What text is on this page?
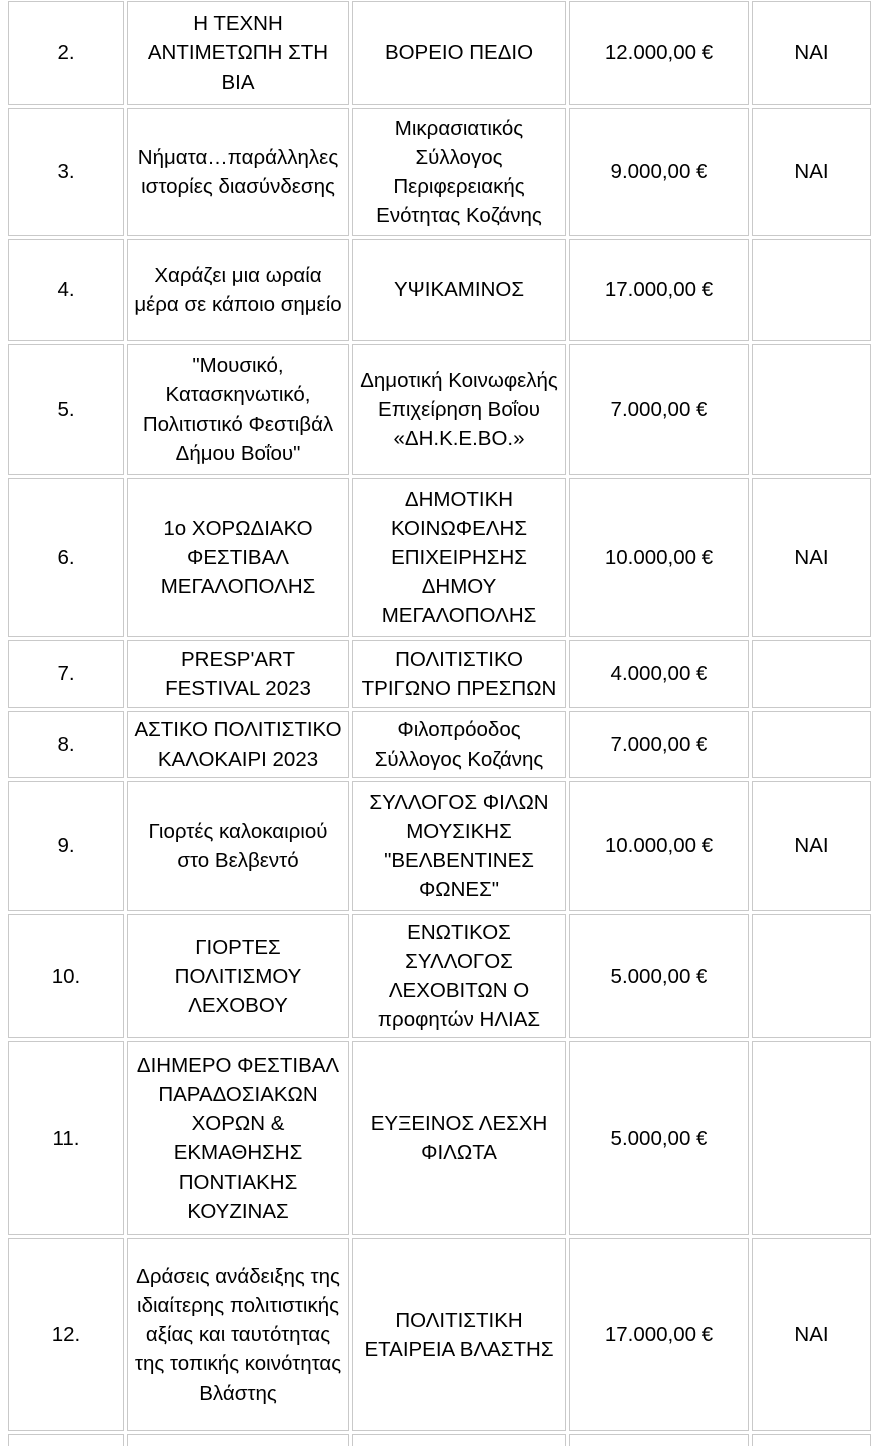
2.	Η ΤΕΧΝΗ ΑΝΤΙΜΕΤΩΠΗ ΣΤΗ ΒΙΑ	ΒΟΡΕΙΟ ΠΕΔΙΟ	12.000,00 €	ΝΑΙ
3.	Νήματα…παράλληλες ιστορίες διασύνδεσης	Μικρασιατικός Σύλλογος Περιφερειακής Ενότητας Κοζάνης	9.000,00 €	ΝΑΙ
4.	Χαράζει μια ωραία μέρα σε κάποιο σημείο	ΥΨΙΚΑΜΙΝΟΣ	17.000,00 €	
5.	"Μουσικό, Κατασκηνωτικό, Πολιτιστικό Φεστιβάλ Δήμου Βοΐου"	Δημοτική Κοινωφελής Επιχείρηση Βοΐου «ΔΗ.Κ.Ε.ΒΟ.»	7.000,00 €	
6.	1ο ΧΟΡΩΔΙΑΚΟ ΦΕΣΤΙΒΑΛ ΜΕΓΑΛΟΠΟΛΗΣ	ΔΗΜΟΤΙΚΗ ΚΟΙΝΩΦΕΛΗΣ ΕΠΙΧΕΙΡΗΣΗΣ ΔΗΜΟΥ ΜΕΓΑΛΟΠΟΛΗΣ	10.000,00 €	ΝΑΙ
7.	PRESP'ART FESTIVAL 2023	ΠΟΛΙΤΙΣΤΙΚΟ ΤΡΙΓΩΝΟ ΠΡΕΣΠΩΝ	4.000,00 €	
8.	ΑΣΤΙΚΟ ΠΟΛΙΤΙΣΤΙΚΟ ΚΑΛΟΚΑΙΡΙ 2023	Φιλοπρόοδος Σύλλογος Κοζάνης	7.000,00 €	
9.	Γιορτές καλοκαιριού στο Βελβεντό	ΣΥΛΛΟΓΟΣ ΦΙΛΩΝ ΜΟΥΣΙΚΗΣ "ΒΕΛΒΕΝΤΙΝΕΣ ΦΩΝΕΣ"	10.000,00 €	ΝΑΙ
10.	ΓΙΟΡΤΕΣ ΠΟΛΙΤΙΣΜΟΥ ΛΕΧΟΒΟΥ	ΕΝΩΤΙΚΟΣ ΣΥΛΛΟΓΟΣ ΛΕΧΟΒΙΤΩΝ Ο προφητών ΗΛΙΑΣ	5.000,00 €	
11.	ΔΙΗΜΕΡΟ ΦΕΣΤΙΒΑΛ ΠΑΡΑΔΟΣΙΑΚΩΝ ΧΟΡΩΝ & ΕΚΜΑΘΗΣΗΣ ΠΟΝΤΙΑΚΗΣ ΚΟΥΖΙΝΑΣ	ΕΥΞΕΙΝΟΣ ΛΕΣΧΗ ΦΙΛΩΤΑ	5.000,00 €	
12.	Δράσεις ανάδειξης της ιδιαίτερης πολιτιστικής αξίας και ταυτότητας της τοπικής κοινότητας Βλάστης	ΠΟΛΙΤΙΣΤΙΚΗ ΕΤΑΙΡΕΙΑ ΒΛΑΣΤΗΣ	17.000,00 €	ΝΑΙ
